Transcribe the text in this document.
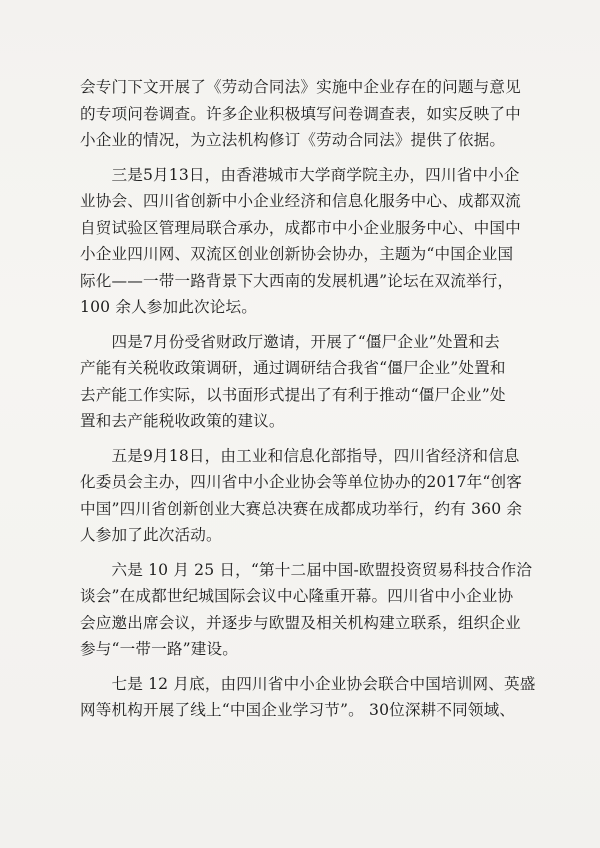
会专门下文开展了《劳动合同法》实施中企业存在的问题与意见
的专项问卷调查。许多企业积极填写问卷调查表，如实反映了中
小企业的情况，为立法机构修订《劳动合同法》提供了依据。
　　三是5月13日，由香港城市大学商学院主办，四川省中小企
业协会、四川省创新中小企业经济和信息化服务中心、成都双流
自贸试验区管理局联合承办，成都市中小企业服务中心、中国中
小企业四川网、双流区创业创新协会协办，主题为“中国企业国
际化——一带一路背景下大西南的发展机遇”论坛在双流举行，
100 余人参加此次论坛。
　　四是7月份受省财政厅邀请，开展了“僵尸企业”处置和去
产能有关税收政策调研，通过调研结合我省“僵尸企业”处置和
去产能工作实际，以书面形式提出了有利于推动“僵尸企业”处
置和去产能税收政策的建议。
　　五是9月18日，由工业和信息化部指导，四川省经济和信息
化委员会主办，四川省中小企业协会等单位协办的2017年“创客
中国”四川省创新创业大赛总决赛在成都成功举行，约有 360 余
人参加了此次活动。
　　六是 10 月 25 日，“第十二届中国-欧盟投资贸易科技合作洽
谈会”在成都世纪城国际会议中心隆重开幕。四川省中小企业协
会应邀出席会议，并逐步与欧盟及相关机构建立联系，组织企业
参与“一带一路”建设。
　　七是 12 月底，由四川省中小企业协会联合中国培训网、英盛
网等机构开展了线上“中国企业学习节”。 30位深耕不同领域、
